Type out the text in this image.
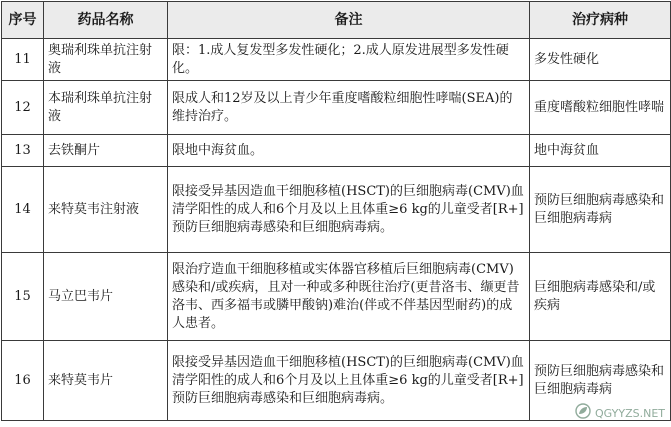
序号	药品名称	备注	治疗病种
11	奥瑞利珠单抗注射液	限：1.成人复发型多发性硬化；2.成人原发进展型多发性硬化。	多发性硬化
12	本瑞利珠单抗注射液	限成人和12岁及以上青少年重度嗜酸粒细胞性哮喘(SEA)的维持治疗。	重度嗜酸粒细胞性哮喘
13	去铁酮片	限地中海贫血。	地中海贫血
14	来特莫韦注射液	限接受异基因造血干细胞移植(HSCT)的巨细胞病毒(CMV)血清学阳性的成人和6个月及以上且体重≥6 kg的儿童受者[R+]预防巨细胞病毒感染和巨细胞病毒病。	预防巨细胞病毒感染和巨细胞病毒病
15	马立巴韦片	限治疗造血干细胞移植或实体器官移植后巨细胞病毒(CMV)感染和/或疾病，且对一种或多种既往治疗(更昔洛韦、缬更昔洛韦、西多福韦或膦甲酸钠)难治(伴或不伴基因型耐药)的成人患者。	巨细胞病毒感染和/或疾病
16	来特莫韦片	限接受异基因造血干细胞移植(HSCT)的巨细胞病毒(CMV)血清学阳性的成人和6个月及以上且体重≥6 kg的儿童受者[R+]预防巨细胞病毒感染和巨细胞病毒病。	预防巨细胞病毒感染和巨细胞病毒病
QGYYZS.NET
